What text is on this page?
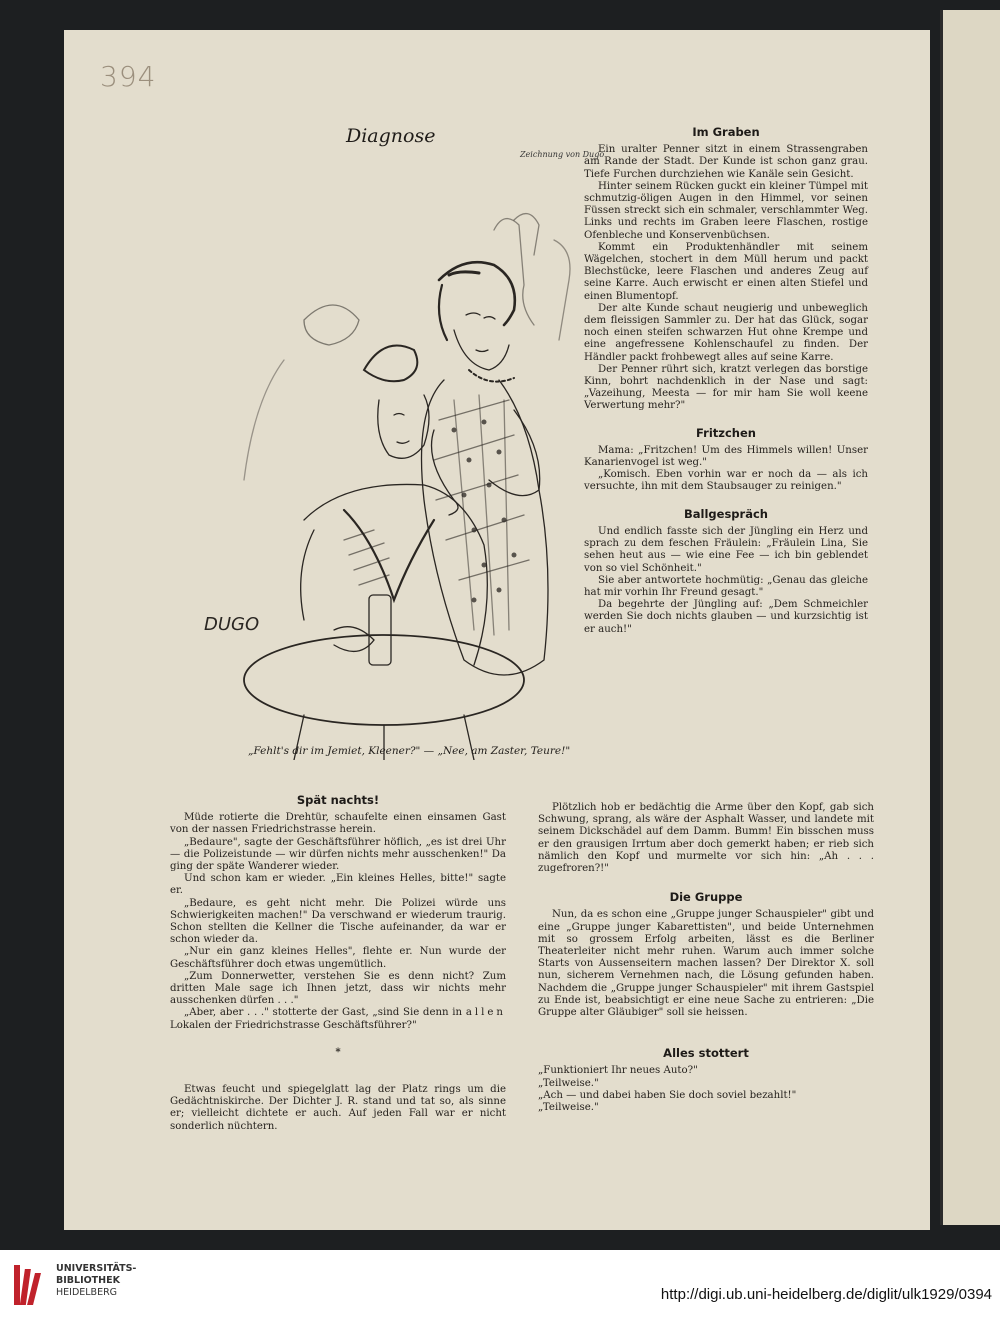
394
Diagnose
Zeichnung von Dugo
DUGO
„Fehlt's dir im Jemiet, Kleener?" — „Nee, am Zaster, Teure!"
Im Graben

Ein uralter Penner sitzt in einem Strassengraben am Rande der Stadt. Der Kunde ist schon ganz grau. Tiefe Furchen durchziehen wie Kanäle sein Gesicht.

Hinter seinem Rücken guckt ein kleiner Tümpel mit schmutzig-öligen Augen in den Himmel, vor seinen Füssen streckt sich ein schmaler, verschlammter Weg. Links und rechts im Graben leere Flaschen, rostige Ofenbleche und Konservenbüchsen.

Kommt ein Produktenhändler mit seinem Wägelchen, stochert in dem Müll herum und packt Blechstücke, leere Flaschen und anderes Zeug auf seine Karre. Auch erwischt er einen alten Stiefel und einen Blumentopf.

Der alte Kunde schaut neugierig und unbeweglich dem fleissigen Sammler zu. Der hat das Glück, sogar noch einen steifen schwarzen Hut ohne Krempe und eine angefressene Kohlenschaufel zu finden. Der Händler packt frohbewegt alles auf seine Karre.

Der Penner rührt sich, kratzt verlegen das borstige Kinn, bohrt nachdenklich in der Nase und sagt: „Vazeihung, Meesta — for mir ham Sie woll keene Verwertung mehr?"

Fritzchen

Mama: „Fritzchen! Um des Himmels willen! Unser Kanarienvogel ist weg."

„Komisch. Eben vorhin war er noch da — als ich versuchte, ihn mit dem Staubsauger zu reinigen."

Ballgespräch

Und endlich fasste sich der Jüngling ein Herz und sprach zu dem feschen Fräulein: „Fräulein Lina, Sie sehen heut aus — wie eine Fee — ich bin geblendet von so viel Schönheit."

Sie aber antwortete hochmütig: „Genau das gleiche hat mir vorhin Ihr Freund gesagt."

Da begehrte der Jüngling auf: „Dem Schmeichler werden Sie doch nichts glauben — und kurzsichtig ist er auch!"

Spät nachts!

Müde rotierte die Drehtür, schaufelte einen einsamen Gast von der nassen Friedrichstrasse herein.

„Bedaure", sagte der Geschäftsführer höflich, „es ist drei Uhr — die Polizeistunde — wir dürfen nichts mehr ausschenken!" Da ging der späte Wanderer wieder.

Und schon kam er wieder. „Ein kleines Helles, bitte!" sagte er.

„Bedaure, es geht nicht mehr. Die Polizei würde uns Schwierigkeiten machen!" Da verschwand er wiederum traurig. Schon stellten die Kellner die Tische aufeinander, da war er schon wieder da.

„Nur ein ganz kleines Helles", flehte er. Nun wurde der Geschäftsführer doch etwas ungemütlich.

„Zum Donnerwetter, verstehen Sie es denn nicht? Zum dritten Male sage ich Ihnen jetzt, dass wir nichts mehr ausschenken dürfen . . ."

„Aber, aber . . ." stotterte der Gast, „sind Sie denn in allen Lokalen der Friedrichstrasse Geschäftsführer?"

*

Etwas feucht und spiegelglatt lag der Platz rings um die Gedächtniskirche. Der Dichter J. R. stand und tat so, als sinne er; vielleicht dichtete er auch. Auf jeden Fall war er nicht sonderlich nüchtern.

Plötzlich hob er bedächtig die Arme über den Kopf, gab sich Schwung, sprang, als wäre der Asphalt Wasser, und landete mit seinem Dickschädel auf dem Damm. Bumm! Ein bisschen muss er den grausigen Irrtum aber doch gemerkt haben; er rieb sich nämlich den Kopf und murmelte vor sich hin: „Ah . . . zugefroren?!"

Die Gruppe

Nun, da es schon eine „Gruppe junger Schauspieler" gibt und eine „Gruppe junger Kabarettisten", und beide Unternehmen mit so grossem Erfolg arbeiten, lässt es die Berliner Theaterleiter nicht mehr ruhen. Warum auch immer solche Starts von Aussenseitern machen lassen? Der Direktor X. soll nun, sicherem Vernehmen nach, die Lösung gefunden haben. Nachdem die „Gruppe junger Schauspieler" mit ihrem Gastspiel zu Ende ist, beabsichtigt er eine neue Sache zu entrieren: „Die Gruppe alter Gläubiger" soll sie heissen.

Alles stottert
„Funktioniert Ihr neues Auto?"
„Teilweise."
„Ach — und dabei haben Sie doch soviel bezahlt!"
„Teilweise."
UNIVERSITÄTS-
BIBLIOTHEK
HEIDELBERG	http://digi.ub.uni-heidelberg.de/diglit/ulk1929/0394
